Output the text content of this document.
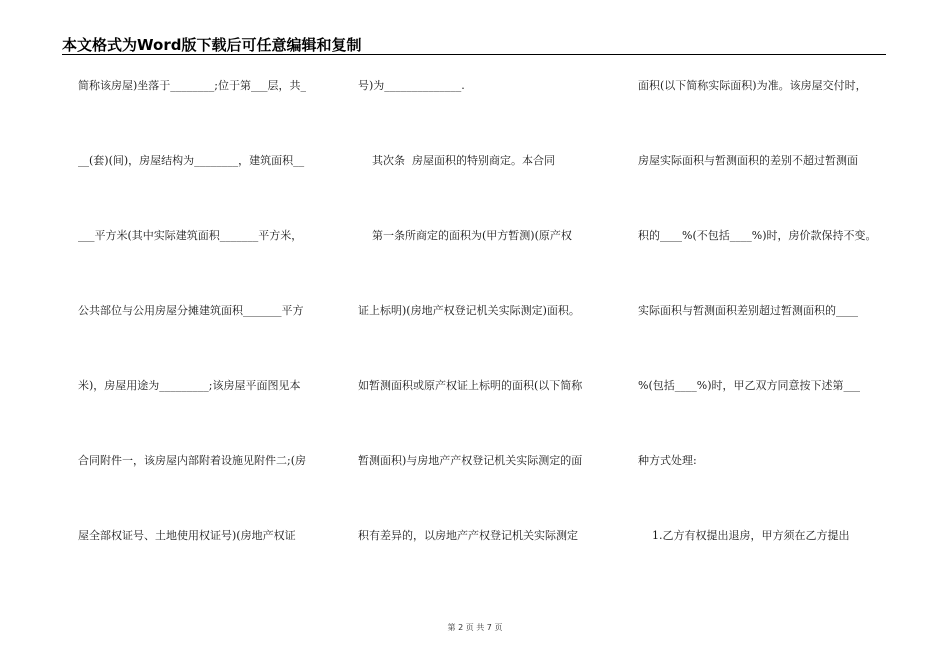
本文格式为Word版下载后可任意编辑和复制
简称该房屋)坐落于________;位于第___层，共_
__(套)(间)，房屋结构为________，建筑面积__
___平方米(其中实际建筑面积_______平方米，
公共部位与公用房屋分摊建筑面积_______平方
米)，房屋用途为_________;该房屋平面图见本
合同附件一，该房屋内部附着设施见附件二;(房
屋全部权证号、土地使用权证号)(房地产权证
号)为______________.
其次条  房屋面积的特别商定。本合同
第一条所商定的面积为(甲方暂测)(原产权
证上标明)(房地产权登记机关实际测定)面积。
如暂测面积或原产权证上标明的面积(以下简称
暂测面积)与房地产产权登记机关实际测定的面
积有差异的，以房地产产权登记机关实际测定
面积(以下简称实际面积)为准。该房屋交付时，
房屋实际面积与暂测面积的差别不超过暂测面
积的____%(不包括____%)时，房价款保持不变。
实际面积与暂测面积差别超过暂测面积的____
%(包括____%)时，甲乙双方同意按下述第___
种方式处理:
1.乙方有权提出退房，甲方须在乙方提出
第 2 页 共 7 页
